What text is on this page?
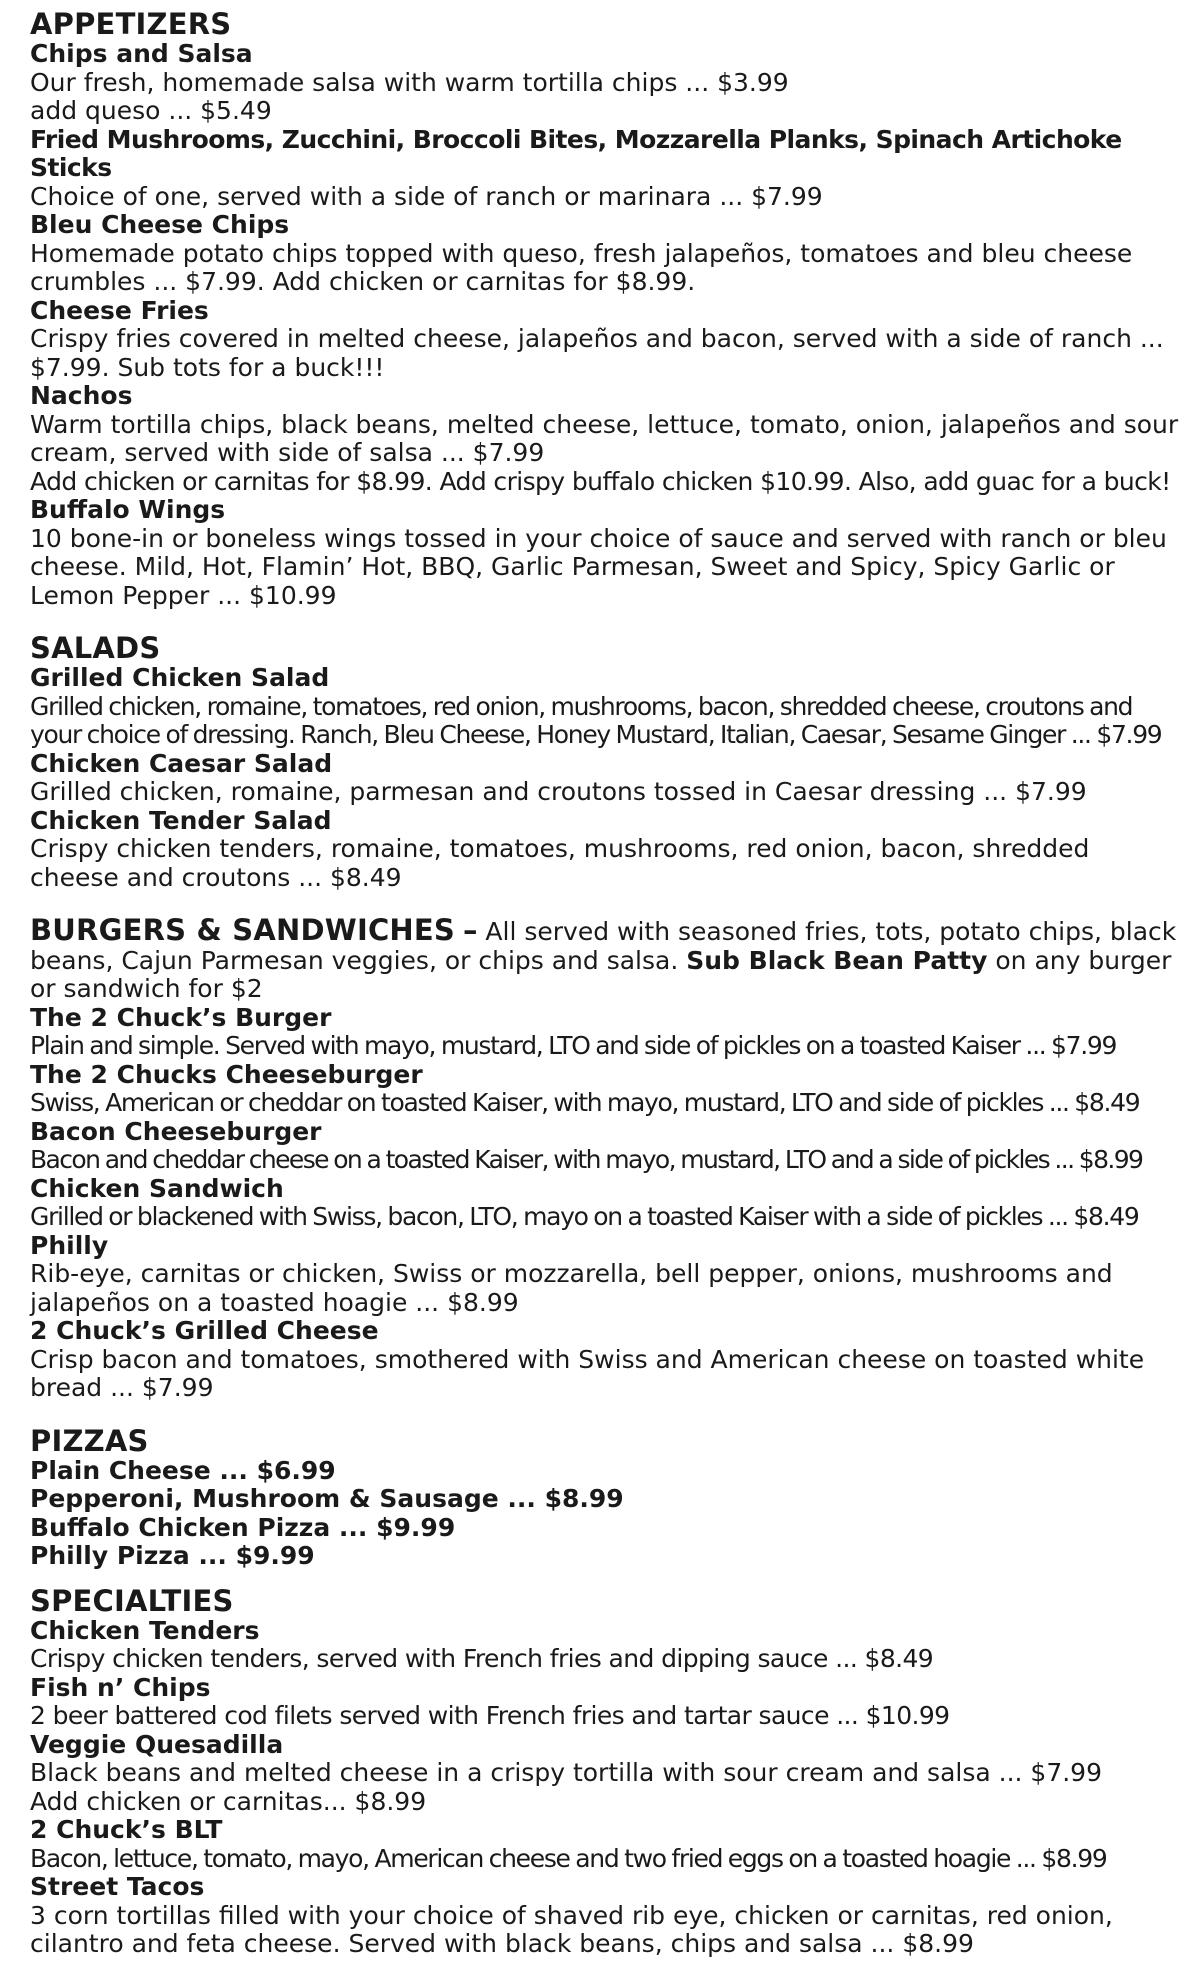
APPETIZERS
Chips and Salsa
Our fresh, homemade salsa with warm tortilla chips ... $3.99
add queso ... $5.49
Fried Mushrooms, Zucchini, Broccoli Bites, Mozzarella Planks, Spinach Artichoke Sticks
Choice of one, served with a side of ranch or marinara ... $7.99
Bleu Cheese Chips
Homemade potato chips topped with queso, fresh jalapeños, tomatoes and bleu cheese crumbles ... $7.99. Add chicken or carnitas for $8.99.
Cheese Fries
Crispy fries covered in melted cheese, jalapeños and bacon, served with a side of ranch ... $7.99. Sub tots for a buck!!!
Nachos
Warm tortilla chips, black beans, melted cheese, lettuce, tomato, onion, jalapeños and sour cream, served with side of salsa ... $7.99
Add chicken or carnitas for $8.99. Add crispy buffalo chicken $10.99. Also, add guac for a buck!
Buffalo Wings
10 bone-in or boneless wings tossed in your choice of sauce and served with ranch or bleu cheese. Mild, Hot, Flamin’ Hot, BBQ, Garlic Parmesan, Sweet and Spicy, Spicy Garlic or Lemon Pepper ... $10.99
SALADS
Grilled Chicken Salad
Grilled chicken, romaine, tomatoes, red onion, mushrooms, bacon, shredded cheese, croutons and your choice of dressing. Ranch, Bleu Cheese, Honey Mustard, Italian, Caesar, Sesame Ginger ... $7.99
Chicken Caesar Salad
Grilled chicken, romaine, parmesan and croutons tossed in Caesar dressing ... $7.99
Chicken Tender Salad
Crispy chicken tenders, romaine, tomatoes, mushrooms, red onion, bacon, shredded cheese and croutons ... $8.49
BURGERS & SANDWICHES – All served with seasoned fries, tots, potato chips, black beans, Cajun Parmesan veggies, or chips and salsa. Sub Black Bean Patty on any burger or sandwich for $2
The 2 Chuck’s Burger
Plain and simple. Served with mayo, mustard, LTO and side of pickles on a toasted Kaiser ... $7.99
The 2 Chucks Cheeseburger
Swiss, American or cheddar on toasted Kaiser, with mayo, mustard, LTO and side of pickles ... $8.49
Bacon Cheeseburger
Bacon and cheddar cheese on a toasted Kaiser, with mayo, mustard, LTO and a side of pickles ... $8.99
Chicken Sandwich
Grilled or blackened with Swiss, bacon, LTO, mayo on a toasted Kaiser with a side of pickles ... $8.49
Philly
Rib-eye, carnitas or chicken, Swiss or mozzarella, bell pepper, onions, mushrooms and jalapeños on a toasted hoagie ... $8.99
2 Chuck’s Grilled Cheese
Crisp bacon and tomatoes, smothered with Swiss and American cheese on toasted white bread ... $7.99
PIZZAS
Plain Cheese ... $6.99
Pepperoni, Mushroom & Sausage ... $8.99
Buffalo Chicken Pizza ... $9.99
Philly Pizza ... $9.99
SPECIALTIES
Chicken Tenders
Crispy chicken tenders, served with French fries and dipping sauce ... $8.49
Fish n’ Chips
2 beer battered cod filets served with French fries and tartar sauce ... $10.99
Veggie Quesadilla
Black beans and melted cheese in a crispy tortilla with sour cream and salsa ... $7.99
Add chicken or carnitas... $8.99
2 Chuck’s BLT
Bacon, lettuce, tomato, mayo, American cheese and two fried eggs on a toasted hoagie ... $8.99
Street Tacos
3 corn tortillas filled with your choice of shaved rib eye, chicken or carnitas, red onion, cilantro and feta cheese. Served with black beans, chips and salsa ... $8.99
